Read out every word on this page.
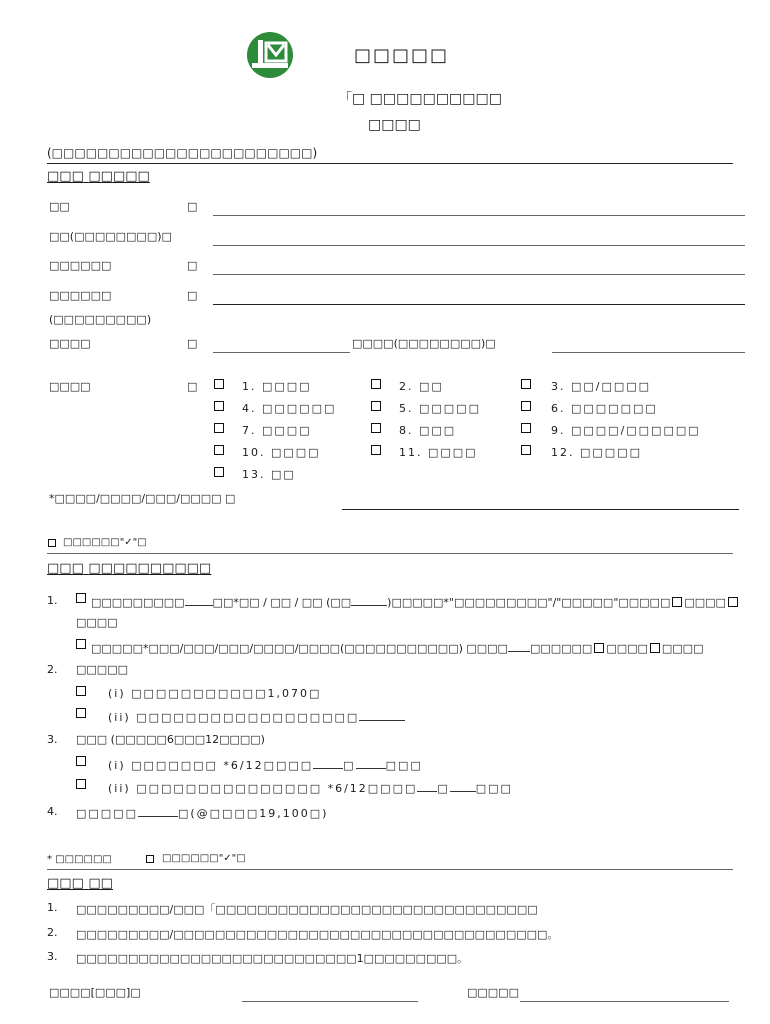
□□□□□
「□ □□□□□□□□□□
□□□□
(□□□□□□□□□□□□□□□□□□□□□□□)
□□□ □□□□□
□□	□
□□(□□□□□□□□)□
□□□□□□	□
□□□□□□	□
(□□□□□□□□□)
□□□□	□	□□□□(□□□□□□□□)□
□□□□	□	1. □□□□	2. □□	3. □□/□□□□
4. □□□□□□	5. □□□□□	6. □□□□□□□
7. □□□□	8. □□□	9. □□□□/□□□□□□
10. □□□□	11. □□□□	12. □□□□□
13. □□
*□□□□/□□□□/□□□/□□□□ □
□□□□□□"✓"□
□□□ □□□□□□□□□□
1.	□□□□□□□□□	□□*□□ / □□ / □□ (□□	)□□□□□*"□□□□□□□□□"/"□□□□□"□□□□□ □□□□
□□□□
□□□□□*□□□/□□□/□□□/□□□□/□□□□(□□□□□□□□□□□) □□□□ □□□□□□ □□□□ □□□□
2. □□□□□
(i) □□□□□□□□□□□1,070□
(ii) □□□□□□□□□□□□□□□□□□
3. □□□ (□□□□□6□□□12□□□□)
(i) □□□□□□□ *6/12□□□□	□	□□□
(ii) □□□□□□□□□□□□□□□ *6/12□□□□ □ □□□
4. □□□□□	□(@□□□□19,100□)
* □□□□□□	□□□□□□"✓"□
□□□ □□
1. □□□□□□□□□/□□□「□□□□□□□□□□□□□□□□□□□□□□□□□□□□□□□
2. □□□□□□□□□/□□□□□□□□□□□□□□□□□□□□□□□□□□□□□□□□□□□□。
3. □□□□□□□□□□□□□□□□□□□□□□□□□□□1□□□□□□□□□。
□□□□[□□□]□	□□□□□
